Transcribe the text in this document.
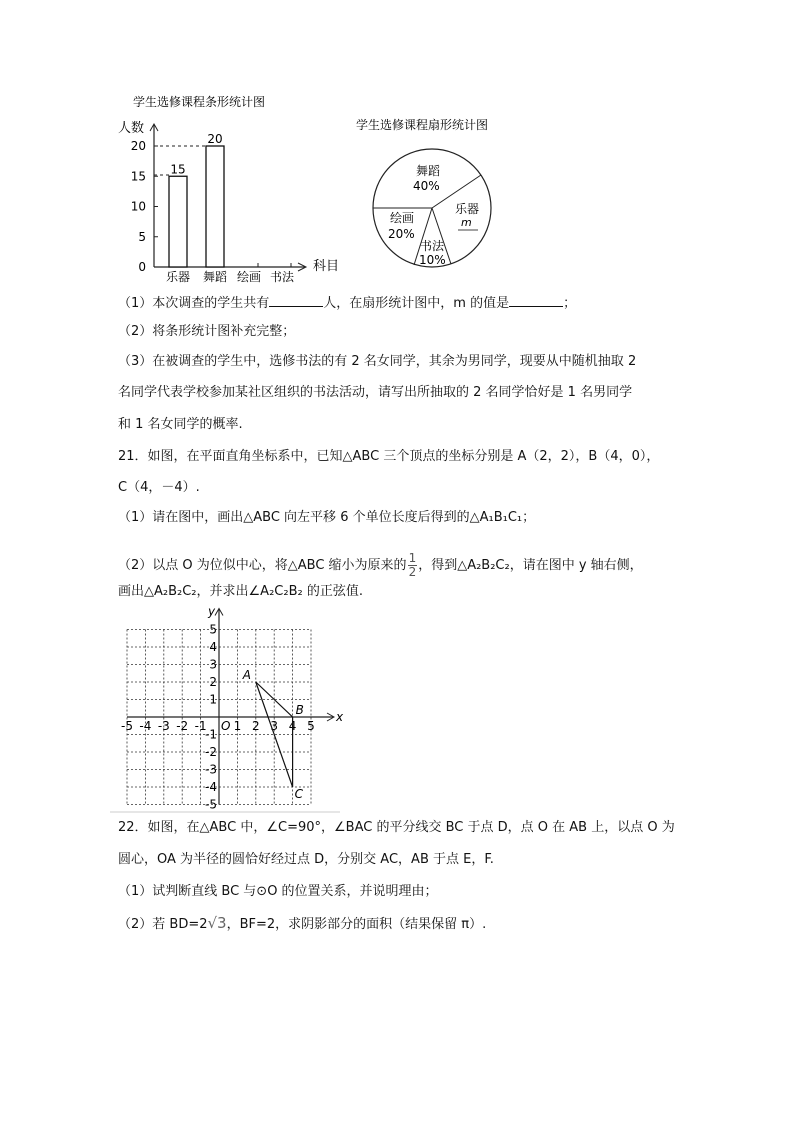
学生选修课程条形统计图
人数
科目
0
5
10
15
20
乐器
15
舞蹈
20
绘画 书法
学生选修课程扇形统计图
舞蹈
40%
乐器
m
书法
10%
绘画
20%
（1）本次调查的学生共有	人，在扇形统计图中，m 的值是	；
（2）将条形统计图补充完整；
（3）在被调查的学生中，选修书法的有 2 名女同学，其余为男同学，现要从中随机抽取 2
名同学代表学校参加某社区组织的书法活动，请写出所抽取的 2 名同学恰好是 1 名男同学
和 1 名女同学的概率.
21．如图，在平面直角坐标系中，已知△ABC 三个顶点的坐标分别是 A（2，2），B（4，0），
C（4，－4）.
（1）请在图中，画出△ABC 向左平移 6 个单位长度后得到的△A₁B₁C₁；
（2）以点 O 为位似中心，将△ABC 缩小为原来的 $\frac{1}{2}$ ，得到△A₂B₂C₂，请在图中 y 轴右侧，
画出△A₂B₂C₂，并求出∠A₂C₂B₂ 的正弦值.
x
y
O
-5 -4 -3 -2 -1 1 2 3 4 5
5
4
3
2
1
-1
-2
-3
-4
-5
A
B
C
22．如图，在△ABC 中，∠C=90°，∠BAC 的平分线交 BC 于点 D，点 O 在 AB 上，以点 O 为
圆心，OA 为半径的圆恰好经过点 D，分别交 AC，AB 于点 E，F.
（1）试判断直线 BC 与⊙O 的位置关系，并说明理由；
（2）若 BD=2√3，BF=2，求阴影部分的面积（结果保留 π）.
